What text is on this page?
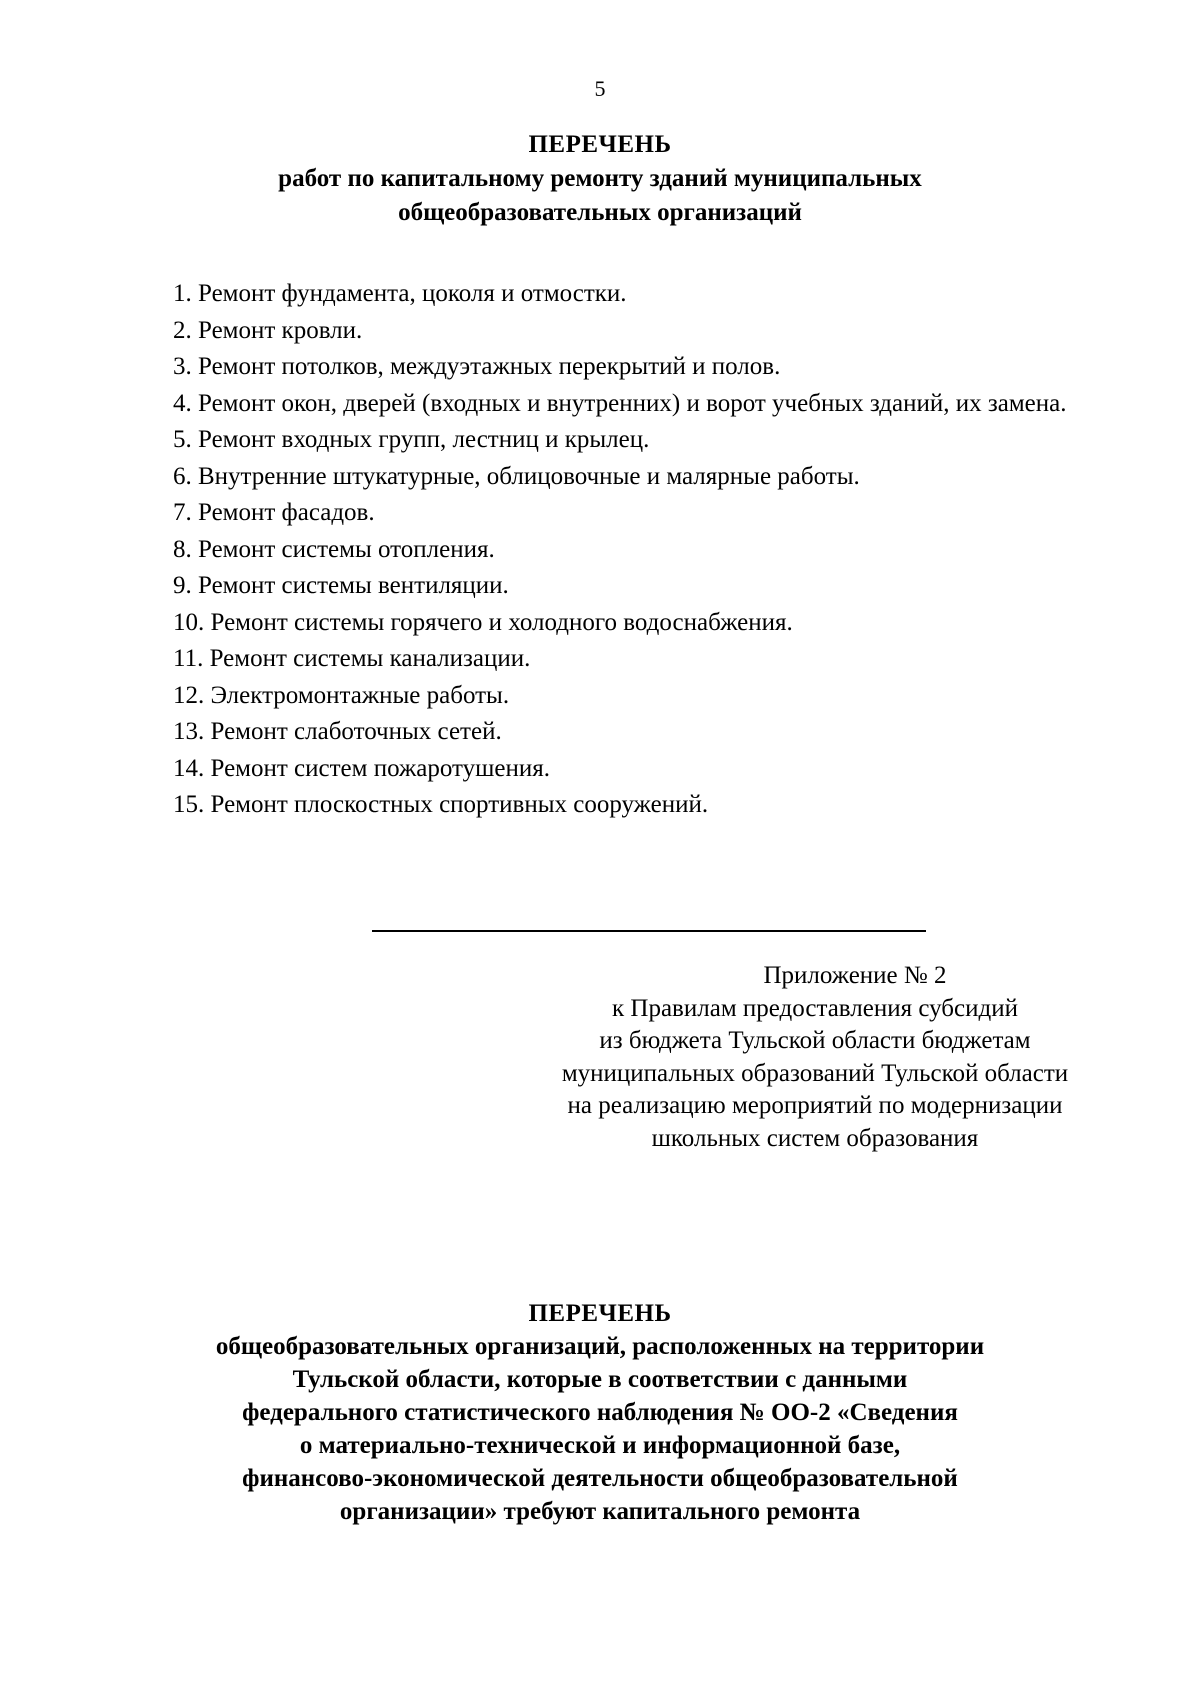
5
ПЕРЕЧЕНЬ
работ по капитальному ремонту зданий муниципальных
общеобразовательных организаций
1. Ремонт фундамента, цоколя и отмостки.
2. Ремонт кровли.
3. Ремонт потолков, междуэтажных перекрытий и полов.
4. Ремонт окон, дверей (входных и внутренних) и ворот учебных зданий, их замена.
5. Ремонт входных групп, лестниц и крылец.
6. Внутренние штукатурные, облицовочные и малярные работы.
7. Ремонт фасадов.
8. Ремонт системы отопления.
9. Ремонт системы вентиляции.
10. Ремонт системы горячего и холодного водоснабжения.
11. Ремонт системы канализации.
12. Электромонтажные работы.
13. Ремонт слаботочных сетей.
14. Ремонт систем пожаротушения.
15. Ремонт плоскостных спортивных сооружений.
Приложение № 2
к Правилам предоставления субсидий
из бюджета Тульской области бюджетам
муниципальных образований Тульской области
на реализацию мероприятий по модернизации
школьных систем образования
ПЕРЕЧЕНЬ
общеобразовательных организаций, расположенных на территории
Тульской области, которые в соответствии с данными
федерального статистического наблюдения № ОО-2 «Сведения
о материально-технической и информационной базе,
финансово-экономической деятельности общеобразовательной
организации» требуют капитального ремонта
